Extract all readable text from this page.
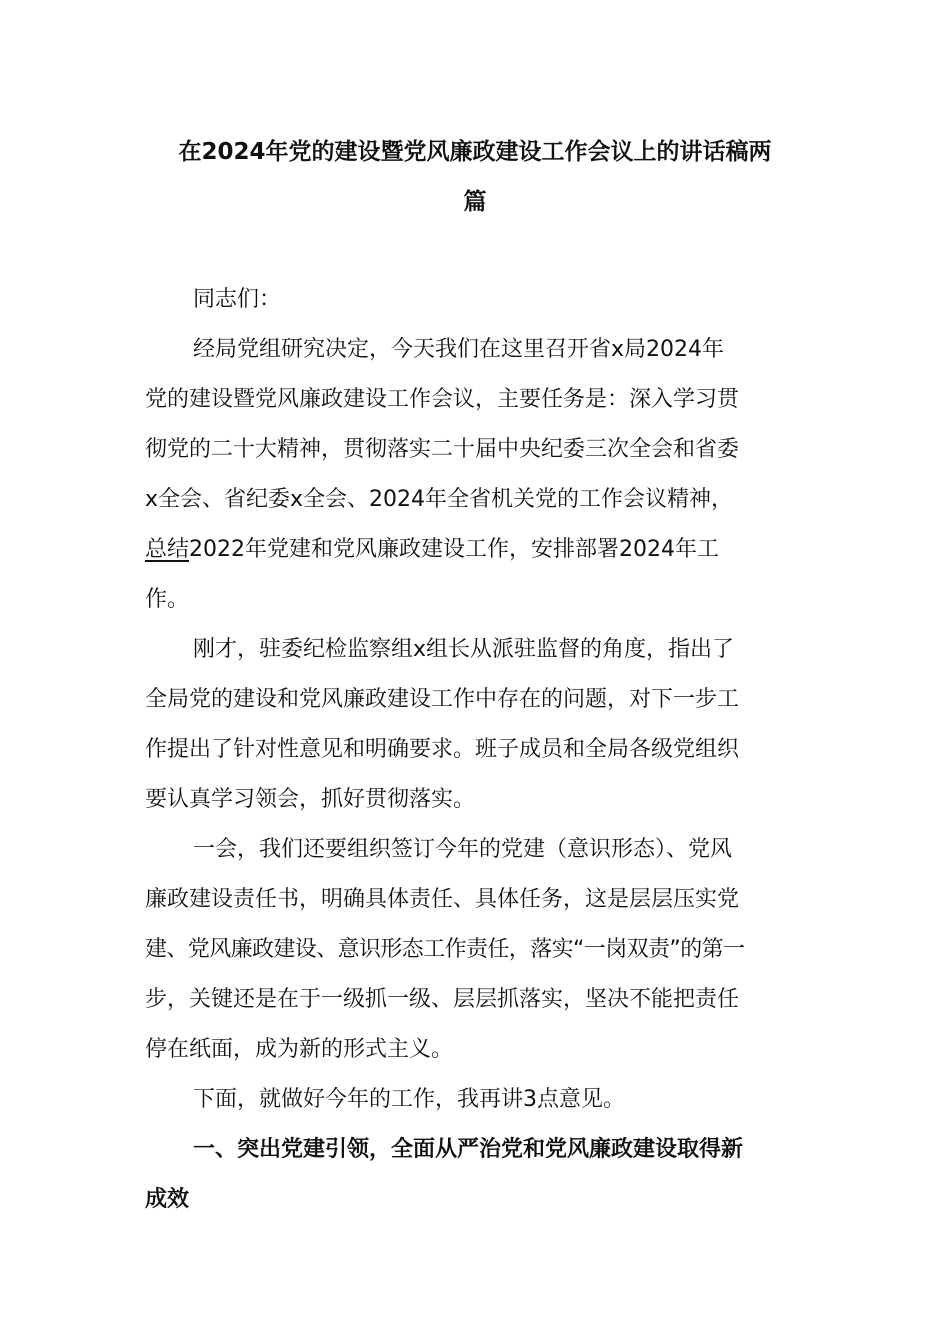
在2024年党的建设暨党风廉政建设工作会议上的讲话稿两
篇
同志们：
经局党组研究决定，今天我们在这里召开省x局2024年
党的建设暨党风廉政建设工作会议，主要任务是：深入学习贯
彻党的二十大精神，贯彻落实二十届中央纪委三次全会和省委
x全会、省纪委x全会、2024年全省机关党的工作会议精神，
总结2022年党建和党风廉政建设工作，安排部署2024年工
作。
刚才，驻委纪检监察组x组长从派驻监督的角度，指出了
全局党的建设和党风廉政建设工作中存在的问题，对下一步工
作提出了针对性意见和明确要求。班子成员和全局各级党组织
要认真学习领会，抓好贯彻落实。
一会，我们还要组织签订今年的党建（意识形态）、党风
廉政建设责任书，明确具体责任、具体任务，这是层层压实党
建、党风廉政建设、意识形态工作责任，落实“一岗双责”的第一
步，关键还是在于一级抓一级、层层抓落实，坚决不能把责任
停在纸面，成为新的形式主义。
下面，就做好今年的工作，我再讲3点意见。
一、突出党建引领，全面从严治党和党风廉政建设取得新
成效
